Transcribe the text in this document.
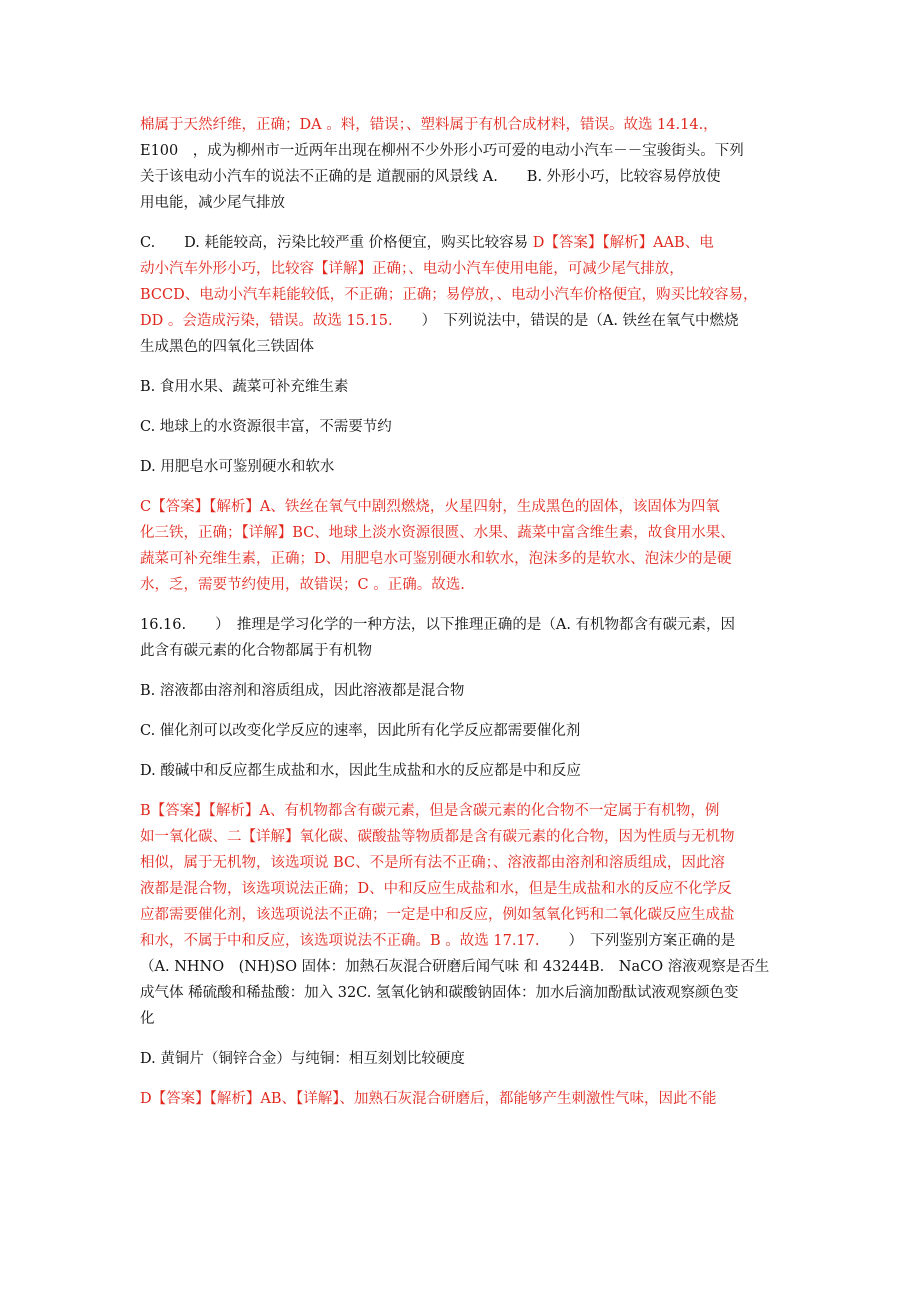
棉属于天然纤维，正确；DA 。料，错误；、塑料属于有机合成材料，错误。故选 14.14.，
E100　，成为柳州市一近两年出现在柳州不少外形小巧可爱的电动小汽车－－宝骏街头。下列
关于该电动小汽车的说法不正确的是 道靓丽的风景线 A.　　B. 外形小巧，比较容易停放使
用电能，减少尾气排放
C.　　D. 耗能较高，污染比较严重 价格便宜，购买比较容易 D【答案】【解析】AAB、电
动小汽车外形小巧，比较容【详解】正确；、电动小汽车使用电能，可减少尾气排放，
BCCD、电动小汽车耗能较低，不正确；正确；易停放，、电动小汽车价格便宜，购买比较容易，
DD 。会造成污染，错误。故选 15.15.　　）　下列说法中，错误的是（A. 铁丝在氧气中燃烧
生成黑色的四氧化三铁固体
B. 食用水果、蔬菜可补充维生素
C. 地球上的水资源很丰富，不需要节约
D. 用肥皂水可鉴别硬水和软水
C【答案】【解析】A、铁丝在氧气中剧烈燃烧，火星四射，生成黑色的固体，该固体为四氧
化三铁，正确；【详解】BC、地球上淡水资源很匮、水果、蔬菜中富含维生素，故食用水果、
蔬菜可补充维生素，正确；D、用肥皂水可鉴别硬水和软水，泡沫多的是软水、泡沫少的是硬
水，乏，需要节约使用，故错误；C 。正确。故选.
16.16.　　）　推理是学习化学的一种方法，以下推理正确的是（A. 有机物都含有碳元素，因
此含有碳元素的化合物都属于有机物
B. 溶液都由溶剂和溶质组成，因此溶液都是混合物
C. 催化剂可以改变化学反应的速率，因此所有化学反应都需要催化剂
D. 酸碱中和反应都生成盐和水，因此生成盐和水的反应都是中和反应
B【答案】【解析】A、有机物都含有碳元素，但是含碳元素的化合物不一定属于有机物，例
如一氧化碳、二【详解】氧化碳、碳酸盐等物质都是含有碳元素的化合物，因为性质与无机物
相似，属于无机物，该选项说 BC、不是所有法不正确；、溶液都由溶剂和溶质组成，因此溶
液都是混合物，该选项说法正确；D、中和反应生成盐和水，但是生成盐和水的反应不化学反
应都需要催化剂，该选项说法不正确；一定是中和反应，例如氢氧化钙和二氧化碳反应生成盐
和水，不属于中和反应，该选项说法不正确。B 。故选 17.17.　　）　下列鉴别方案正确的是
（A. NHNO　(NH)SO 固体：加熱石灰混合研磨后闻气味 和 43244B.　NaCO 溶液观察是否生
成气体 稀硫酸和稀盐酸：加入 32C. 氢氧化钠和碳酸钠固体：加水后滴加酚酞试液观察颜色变
化
D. 黄铜片（铜锌合金）与纯铜：相互刻划比较硬度
D【答案】【解析】AB、【详解】、加熟石灰混合研磨后，都能够产生刺激性气味，因此不能
